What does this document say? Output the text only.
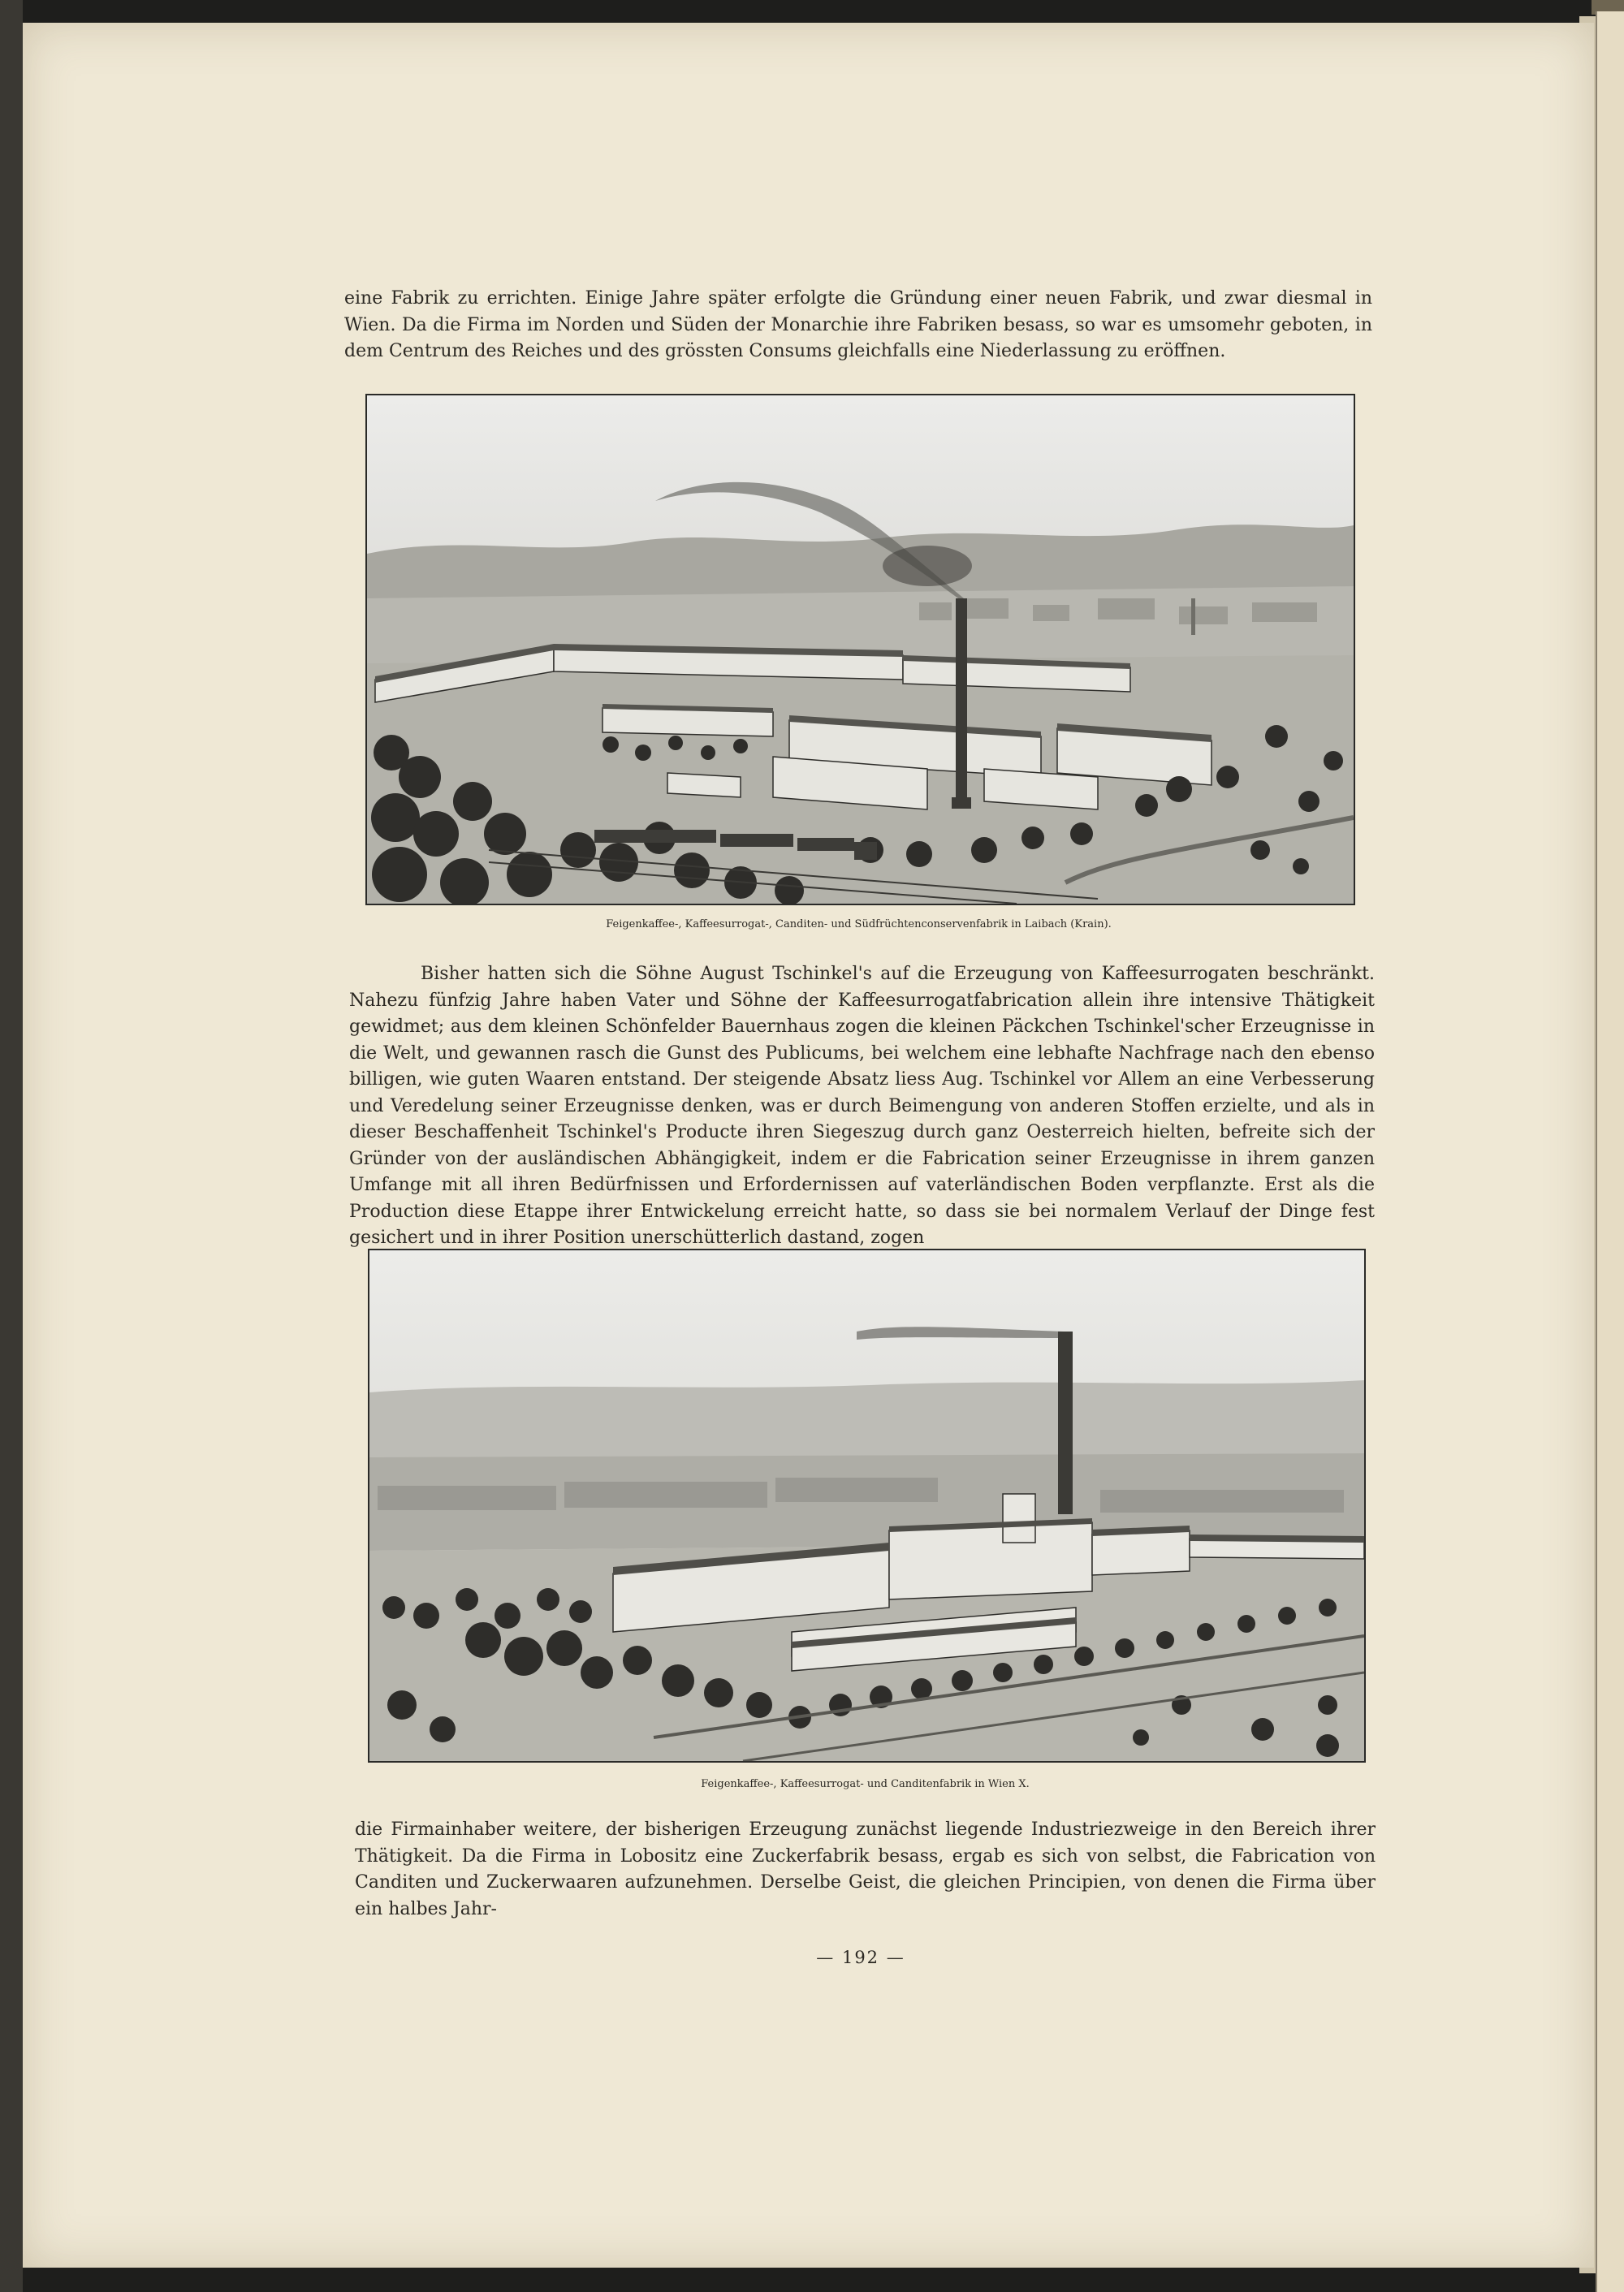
eine Fabrik zu errichten. Einige Jahre später erfolgte die Gründung einer neuen Fabrik, und zwar diesmal in Wien. Da die Firma im Norden und Süden der Monarchie ihre Fabriken besass, so war es umsomehr geboten, in dem Centrum des Reiches und des grössten Consums gleichfalls eine Niederlassung zu eröffnen.

Feigenkaffee-, Kaffeesurrogat-, Canditen- und Südfrüchtenconservenfabrik in Laibach (Krain).

Bisher hatten sich die Söhne August Tschinkel's auf die Erzeugung von Kaffeesurrogaten beschränkt. Nahezu fünfzig Jahre haben Vater und Söhne der Kaffeesurrogatfabrication allein ihre intensive Thätigkeit gewidmet; aus dem kleinen Schönfelder Bauernhaus zogen die kleinen Päckchen Tschinkel'scher Erzeugnisse in die Welt, und gewannen rasch die Gunst des Publicums, bei welchem eine lebhafte Nachfrage nach den ebenso billigen, wie guten Waaren entstand. Der steigende Absatz liess Aug. Tschinkel vor Allem an eine Verbesserung und Veredelung seiner Erzeugnisse denken, was er durch Beimengung von anderen Stoffen erzielte, und als in dieser Beschaffenheit Tschinkel's Producte ihren Siegeszug durch ganz Oesterreich hielten, befreite sich der Gründer von der ausländischen Abhängigkeit, indem er die Fabrication seiner Erzeugnisse in ihrem ganzen Umfange mit all ihren Bedürfnissen und Erfordernissen auf vaterländischen Boden verpflanzte. Erst als die Production diese Etappe ihrer Entwickelung erreicht hatte, so dass sie bei normalem Verlauf der Dinge fest gesichert und in ihrer Position unerschütterlich dastand, zogen

Feigenkaffee-, Kaffeesurrogat- und Canditenfabrik in Wien X.

die Firmainhaber weitere, der bisherigen Erzeugung zunächst liegende Industriezweige in den Bereich ihrer Thätigkeit. Da die Firma in Lobositz eine Zuckerfabrik besass, ergab es sich von selbst, die Fabrication von Canditen und Zuckerwaaren aufzunehmen. Derselbe Geist, die gleichen Principien, von denen die Firma über ein halbes Jahr-

— 192 —
